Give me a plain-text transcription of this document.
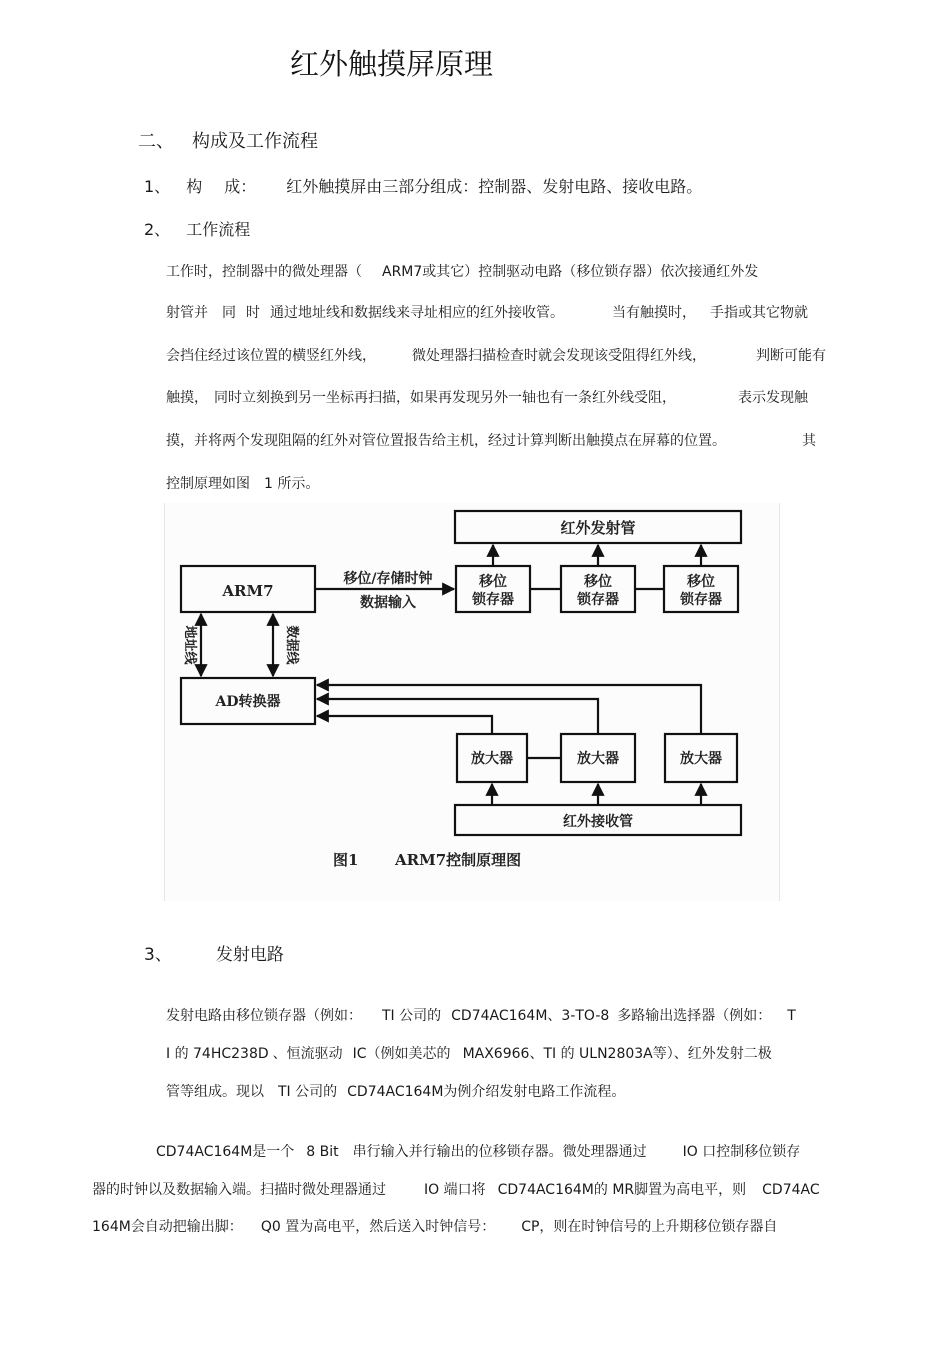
红外触摸屏原理
二、 构成及工作流程
1、 构 成： 红外触摸屏由三部分组成：控制器、发射电路、接收电路。
2、 工作流程
工作时，控制器中的微处理器（ ARM7或其它）控制驱动电路（移位锁存器）依次接通红外发
射管并 同 时 通过地址线和数据线来寻址相应的红外接收管。	当有触摸时， 手指或其它物就
会挡住经过该位置的横竖红外线，	微处理器扫描检查时就会发现该受阻得红外线，	判断可能有
触摸， 同时立刻换到另一坐标再扫描，如果再发现另外一轴也有一条红外线受阻，	表示发现触
摸，并将两个发现阻隔的红外对管位置报告给主机，经过计算判断出触摸点在屏幕的位置。	其
控制原理如图 1 所示。
红外发射管
ARM7
移位/存储时钟
数据输入
移位
锁存器
移位
锁存器
移位
锁存器
地址线	数据线
AD转换器
放大器	放大器	放大器
红外接收管
图1 ARM7控制原理图
3、	发射电路
发射电路由移位锁存器（例如： TI 公司的 CD74AC164M、3-TO-8 多路输出选择器（例如： T
I 的 74HC238D 、恒流驱动 IC（例如美芯的 MAX6966、TI 的 ULN2803A等）、红外发射二极
管等组成。现以 TI 公司的 CD74AC164M为例介绍发射电路工作流程。
CD74AC164M是一个 8 Bit 串行输入并行输出的位移锁存器。微处理器通过	IO 口控制移位锁存
器的时钟以及数据输入端。扫描时微处理器通过	IO 端口将 CD74AC164M的 MR脚置为高电平，则 CD74AC
164M会自动把输出脚： Q0 置为高电平，然后送入时钟信号： CP，则在时钟信号的上升期移位锁存器自
